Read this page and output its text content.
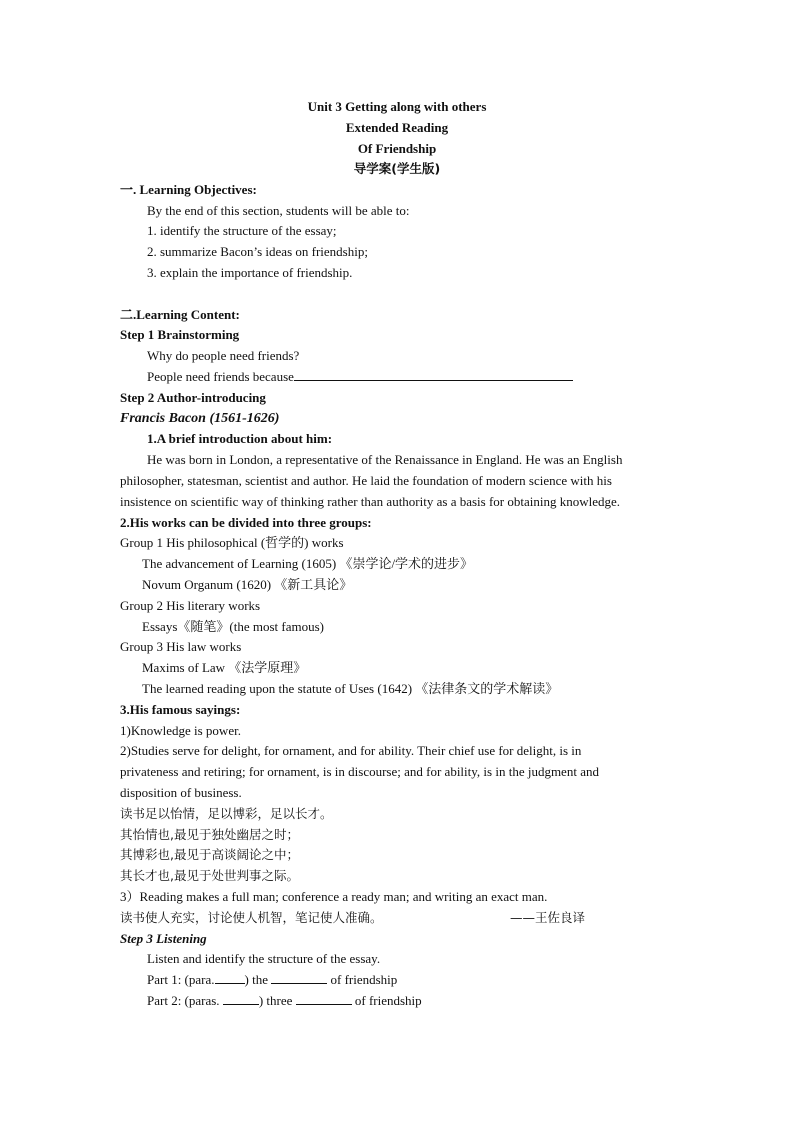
Unit 3 Getting along with others
Extended Reading
Of Friendship
导学案(学生版)
一. Learning Objectives:
By the end of this section, students will be able to:
1. identify the structure of the essay;
2. summarize Bacon’s ideas on friendship;
3. explain the importance of friendship.
二.Learning Content:
Step 1 Brainstorming
Why do people need friends?
People need friends because
Step 2 Author-introducing
Francis Bacon (1561-1626)
1.A brief introduction about him:
He was born in London, a representative of the Renaissance in England. He was an English
philosopher, statesman, scientist and author. He laid the foundation of modern science with his
insistence on scientific way of thinking rather than authority as a basis for obtaining knowledge.
2.His works can be divided into three groups:
Group 1 His philosophical (哲学的) works
The advancement of Learning (1605) 《崇学论/学术的进步》
Novum Organum (1620) 《新工具论》
Group 2 His literary works
Essays《随笔》(the most famous)
Group 3 His law works
Maxims of Law 《法学原理》
The learned reading upon the statute of Uses (1642) 《法律条文的学术解读》
3.His famous sayings:
1)Knowledge is power.
2)Studies serve for delight, for ornament, and for ability. Their chief use for delight, is in
privateness and retiring; for ornament, is in discourse; and for ability, is in the judgment and
disposition of business.
读书足以怡情，足以博彩，足以长才。
其怡情也,最见于独处幽居之时；
其博彩也,最见于高谈阔论之中；
其长才也,最见于处世判事之际。
3）Reading makes a full man; conference a ready man; and writing an exact man.
读书使人充实，讨论使人机智，笔记使人准确。	——王佐良译
Step 3 Listening
Listen and identify the structure of the essay.
Part 1: (para. ) the	of friendship
Part 2: (paras.	) three	of friendship
